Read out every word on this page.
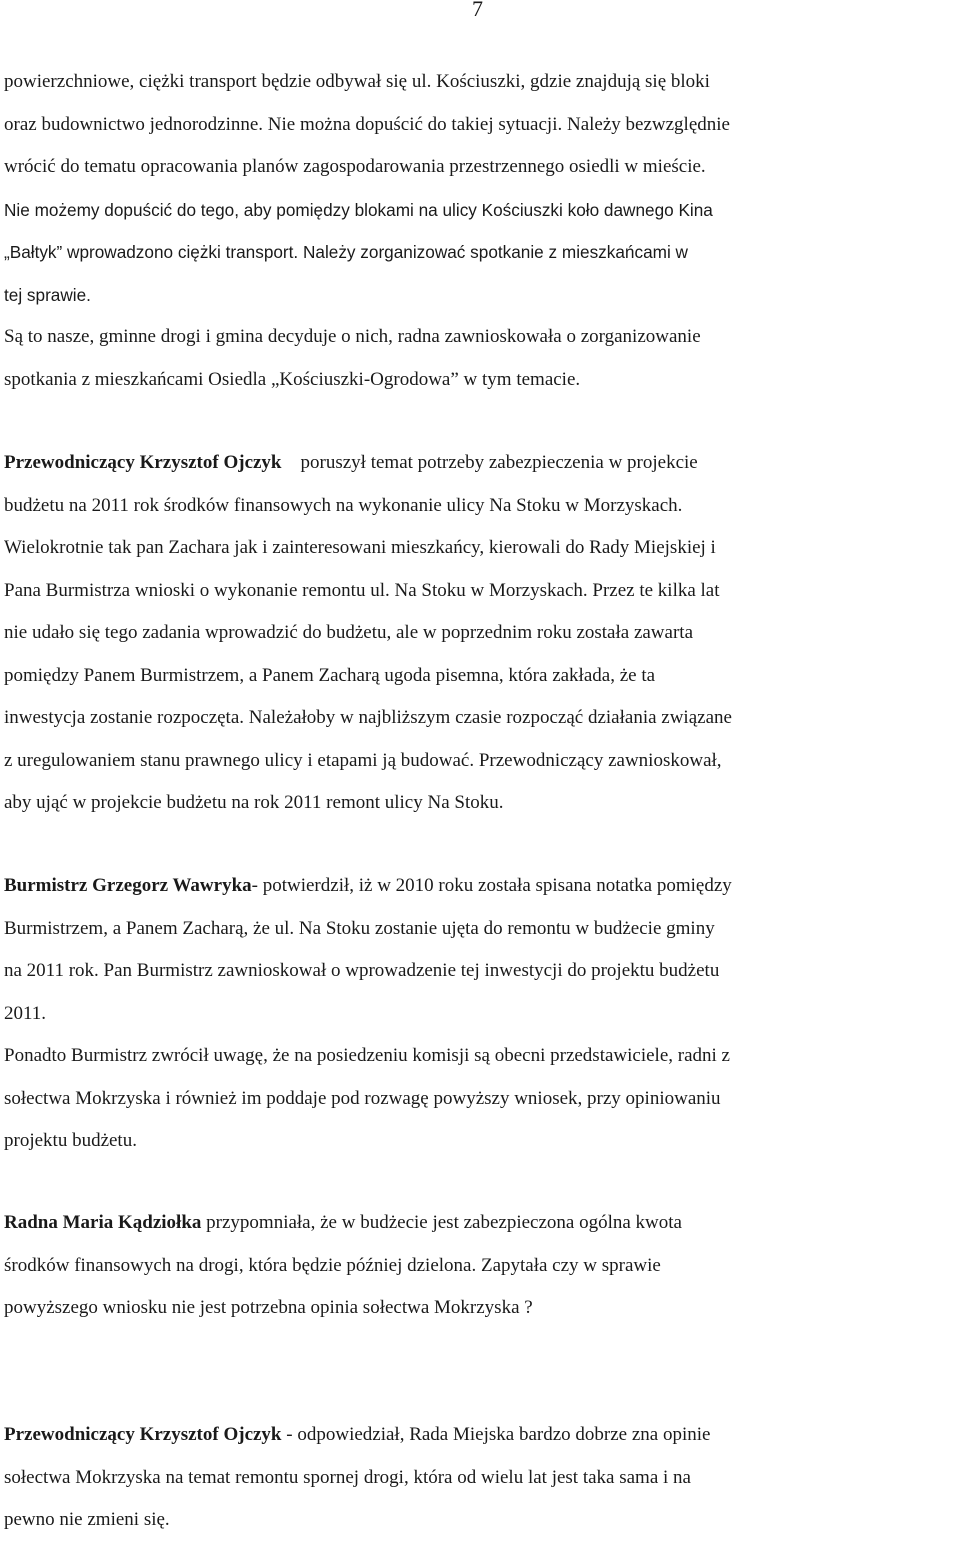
7
powierzchniowe, ciężki transport będzie odbywał się ul. Kościuszki, gdzie znajdują się bloki
oraz budownictwo jednorodzinne. Nie można dopuścić do takiej sytuacji. Należy bezwzględnie
wrócić do tematu opracowania planów zagospodarowania przestrzennego osiedli w mieście.
Nie możemy dopuścić do tego, aby pomiędzy blokami na ulicy Kościuszki koło dawnego Kina
„Bałtyk” wprowadzono ciężki transport. Należy zorganizować spotkanie z mieszkańcami w
tej sprawie.
Są to nasze, gminne drogi i gmina decyduje o nich, radna zawnioskowała o zorganizowanie
spotkania z mieszkańcami Osiedla „Kościuszki-Ogrodowa” w tym temacie.
Przewodniczący Krzysztof Ojczyk poruszył temat potrzeby zabezpieczenia w projekcie
budżetu na 2011 rok środków finansowych na wykonanie ulicy Na Stoku w Morzyskach.
Wielokrotnie tak pan Zachara jak i zainteresowani mieszkańcy, kierowali do Rady Miejskiej i
Pana Burmistrza wnioski o wykonanie remontu ul. Na Stoku w Morzyskach. Przez te kilka lat
nie udało się tego zadania wprowadzić do budżetu, ale w poprzednim roku została zawarta
pomiędzy Panem Burmistrzem, a Panem Zacharą ugoda pisemna, która zakłada, że ta
inwestycja zostanie rozpoczęta. Należałoby w najbliższym czasie rozpocząć działania związane
z uregulowaniem stanu prawnego ulicy i etapami ją budować. Przewodniczący zawnioskował,
aby ująć w projekcie budżetu na rok 2011 remont ulicy Na Stoku.
Burmistrz Grzegorz Wawryka- potwierdził, iż w 2010 roku została spisana notatka pomiędzy
Burmistrzem, a Panem Zacharą, że ul. Na Stoku zostanie ujęta do remontu w budżecie gminy
na 2011 rok. Pan Burmistrz zawnioskował o wprowadzenie tej inwestycji do projektu budżetu
2011.
Ponadto Burmistrz zwrócił uwagę, że na posiedzeniu komisji są obecni przedstawiciele, radni z
sołectwa Mokrzyska i również im poddaje pod rozwagę powyższy wniosek, przy opiniowaniu
projektu budżetu.
Radna Maria Kądziołka przypomniała, że w budżecie jest zabezpieczona ogólna kwota
środków finansowych na drogi, która będzie później dzielona. Zapytała czy w sprawie
powyższego wniosku nie jest potrzebna opinia sołectwa Mokrzyska ?
Przewodniczący Krzysztof Ojczyk - odpowiedział, Rada Miejska bardzo dobrze zna opinie
sołectwa Mokrzyska na temat remontu spornej drogi, która od wielu lat jest taka sama i na
pewno nie zmieni się.
